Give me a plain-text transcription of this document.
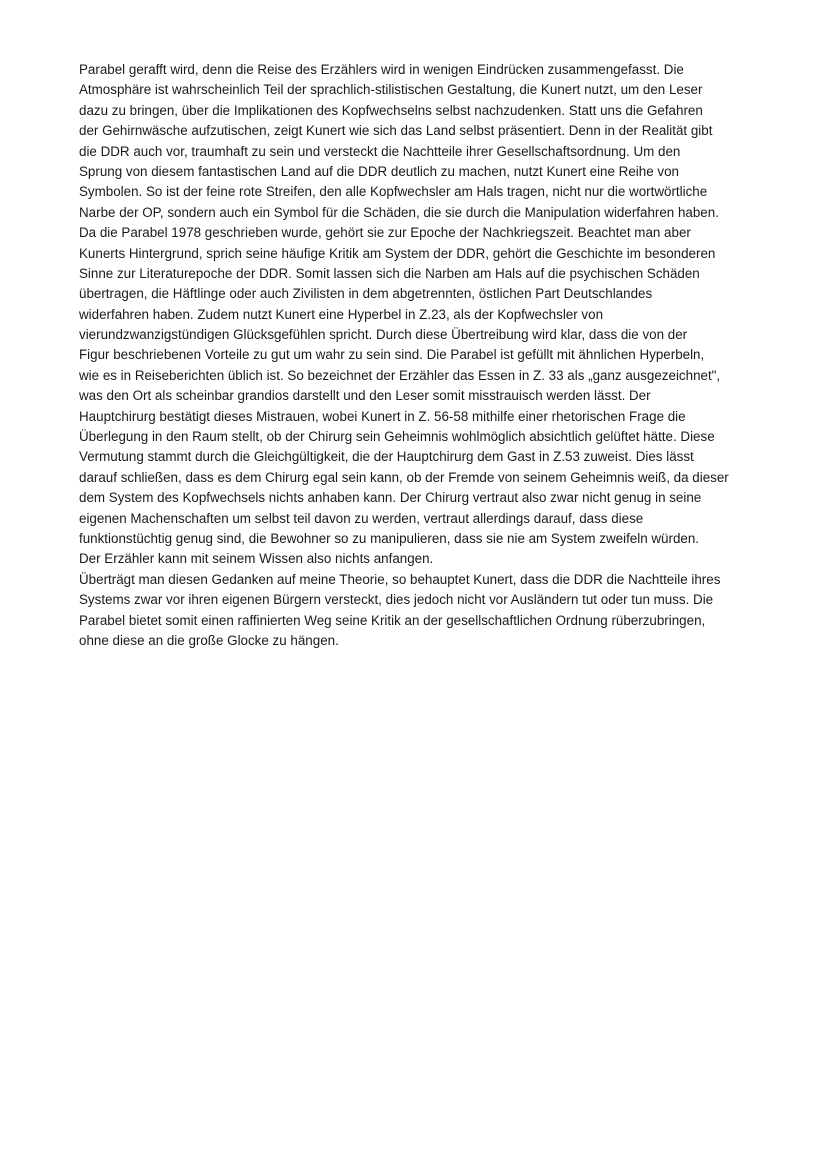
Parabel gerafft wird, denn die Reise des Erzählers wird in wenigen Eindrücken zusammengefasst. Die
Atmosphäre ist wahrscheinlich Teil der sprachlich-stilistischen Gestaltung, die Kunert nutzt, um den Leser
dazu zu bringen, über die Implikationen des Kopfwechselns selbst nachzudenken. Statt uns die Gefahren
der Gehirnwäsche aufzutischen, zeigt Kunert wie sich das Land selbst präsentiert. Denn in der Realität gibt
die DDR auch vor, traumhaft zu sein und versteckt die Nachtteile ihrer Gesellschaftsordnung. Um den
Sprung von diesem fantastischen Land auf die DDR deutlich zu machen, nutzt Kunert eine Reihe von
Symbolen. So ist der feine rote Streifen, den alle Kopfwechsler am Hals tragen, nicht nur die wortwörtliche
Narbe der OP, sondern auch ein Symbol für die Schäden, die sie durch die Manipulation widerfahren haben.
Da die Parabel 1978 geschrieben wurde, gehört sie zur Epoche der Nachkriegszeit. Beachtet man aber
Kunerts Hintergrund, sprich seine häufige Kritik am System der DDR, gehört die Geschichte im besonderen
Sinne zur Literaturepoche der DDR. Somit lassen sich die Narben am Hals auf die psychischen Schäden
übertragen, die Häftlinge oder auch Zivilisten in dem abgetrennten, östlichen Part Deutschlandes
widerfahren haben. Zudem nutzt Kunert eine Hyperbel in Z.23, als der Kopfwechsler von
vierundzwanzigstündigen Glücksgefühlen spricht. Durch diese Übertreibung wird klar, dass die von der
Figur beschriebenen Vorteile zu gut um wahr zu sein sind. Die Parabel ist gefüllt mit ähnlichen Hyperbeln,
wie es in Reiseberichten üblich ist. So bezeichnet der Erzähler das Essen in Z. 33 als „ganz ausgezeichnet",
was den Ort als scheinbar grandios darstellt und den Leser somit misstrauisch werden lässt. Der
Hauptchirurg bestätigt dieses Mistrauen, wobei Kunert in Z. 56-58 mithilfe einer rhetorischen Frage die
Überlegung in den Raum stellt, ob der Chirurg sein Geheimnis wohlmöglich absichtlich gelüftet hätte. Diese
Vermutung stammt durch die Gleichgültigkeit, die der Hauptchirurg dem Gast in Z.53 zuweist. Dies lässt
darauf schließen, dass es dem Chirurg egal sein kann, ob der Fremde von seinem Geheimnis weiß, da dieser
dem System des Kopfwechsels nichts anhaben kann. Der Chirurg vertraut also zwar nicht genug in seine
eigenen Machenschaften um selbst teil davon zu werden, vertraut allerdings darauf, dass diese
funktionstüchtig genug sind, die Bewohner so zu manipulieren, dass sie nie am System zweifeln würden.
Der Erzähler kann mit seinem Wissen also nichts anfangen.
Überträgt man diesen Gedanken auf meine Theorie, so behauptet Kunert, dass die DDR die Nachtteile ihres
Systems zwar vor ihren eigenen Bürgern versteckt, dies jedoch nicht vor Ausländern tut oder tun muss. Die
Parabel bietet somit einen raffinierten Weg seine Kritik an der gesellschaftlichen Ordnung rüberzubringen,
ohne diese an die große Glocke zu hängen.
